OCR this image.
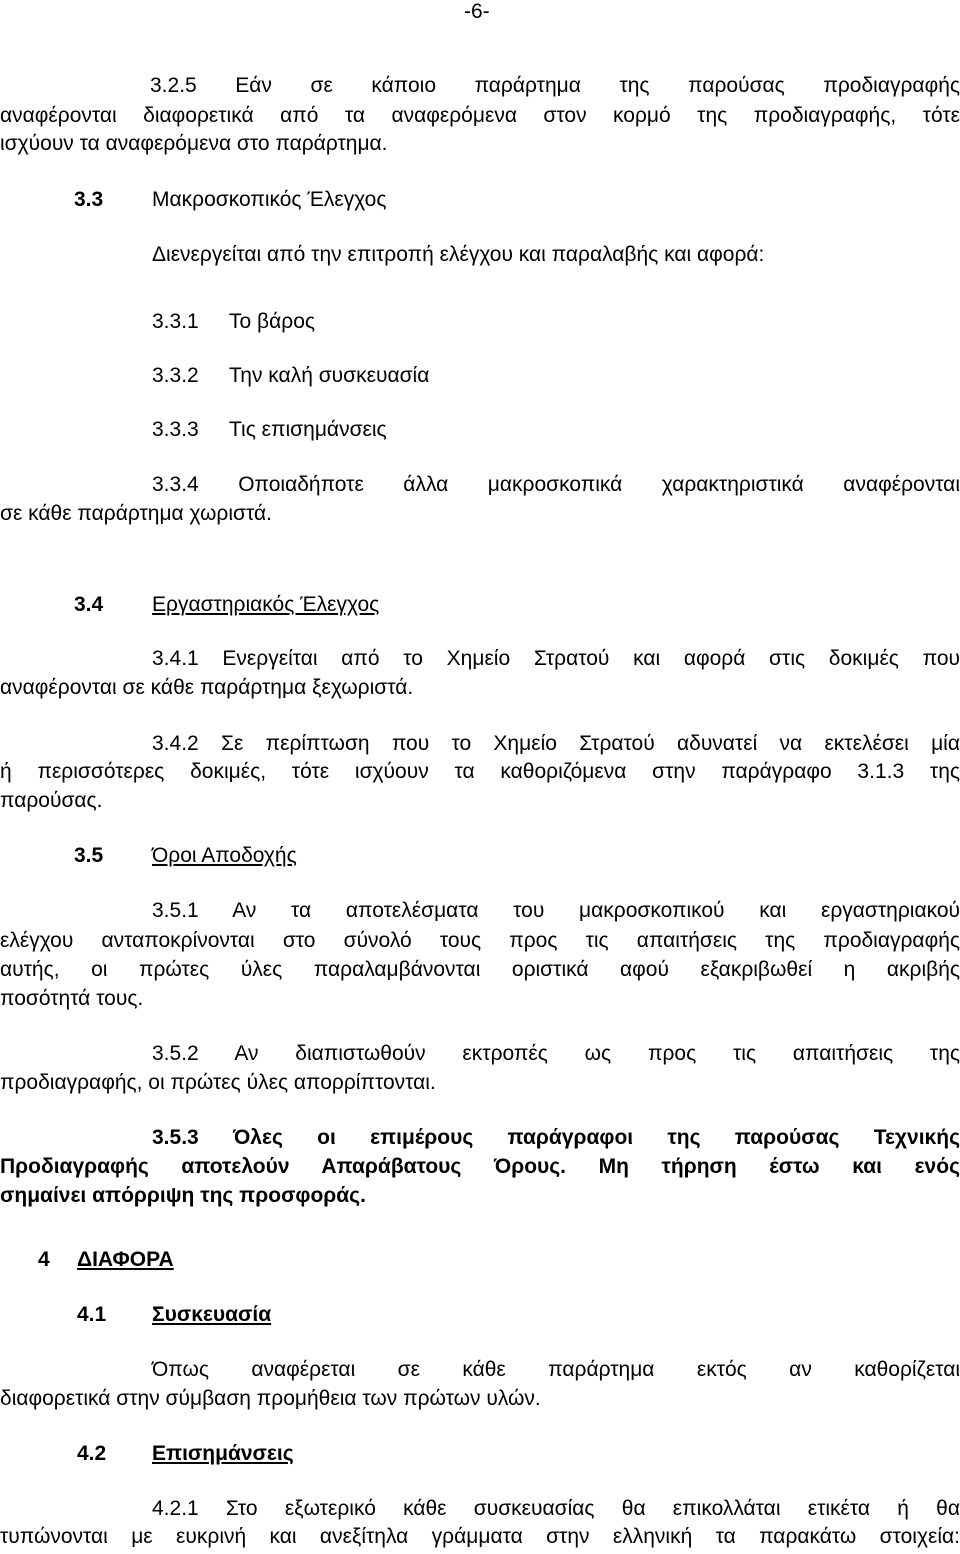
-6-
3.2.5 Εάν σε κάποιο παράρτημα της παρούσας προδιαγραφής
αναφέρονται διαφορετικά από τα αναφερόμενα στον κορμό της προδιαγραφής, τότε
ισχύουν τα αναφερόμενα στο παράρτημα.
3.3 Μακροσκοπικός Έλεγχος
Διενεργείται από την επιτροπή ελέγχου και παραλαβής και αφορά:
3.3.1 Το βάρος
3.3.2 Την καλή συσκευασία
3.3.3 Τις επισημάνσεις
3.3.4 Οποιαδήποτε άλλα μακροσκοπικά χαρακτηριστικά αναφέρονται
σε κάθε παράρτημα χωριστά.
3.4 Εργαστηριακός Έλεγχος
3.4.1 Ενεργείται από το Χημείο Στρατού και αφορά στις δοκιμές που
αναφέρονται σε κάθε παράρτημα ξεχωριστά.
3.4.2 Σε περίπτωση που το Χημείο Στρατού αδυνατεί να εκτελέσει μία
ή περισσότερες δοκιμές, τότε ισχύουν τα καθοριζόμενα στην παράγραφο 3.1.3 της
παρούσας.
3.5 Όροι Αποδοχής
3.5.1 Αν τα αποτελέσματα του μακροσκοπικού και εργαστηριακού
ελέγχου ανταποκρίνονται στο σύνολό τους προς τις απαιτήσεις της προδιαγραφής
αυτής, οι πρώτες ύλες παραλαμβάνονται οριστικά αφού εξακριβωθεί η ακριβής
ποσότητά τους.
3.5.2 Αν διαπιστωθούν εκτροπές ως προς τις απαιτήσεις της
προδιαγραφής, οι πρώτες ύλες απορρίπτονται.
3.5.3 Όλες οι επιμέρους παράγραφοι της παρούσας Τεχνικής
Προδιαγραφής αποτελούν Απαράβατους Όρους. Μη τήρηση έστω και ενός
σημαίνει απόρριψη της προσφοράς.
4 ΔΙΑΦΟΡΑ
4.1 Συσκευασία
Όπως αναφέρεται σε κάθε παράρτημα εκτός αν καθορίζεται
διαφορετικά στην σύμβαση προμήθεια των πρώτων υλών.
4.2 Επισημάνσεις
4.2.1 Στο εξωτερικό κάθε συσκευασίας θα επικολλάται ετικέτα ή θα
τυπώνονται με ευκρινή και ανεξίτηλα γράμματα στην ελληνική τα παρακάτω στοιχεία:
